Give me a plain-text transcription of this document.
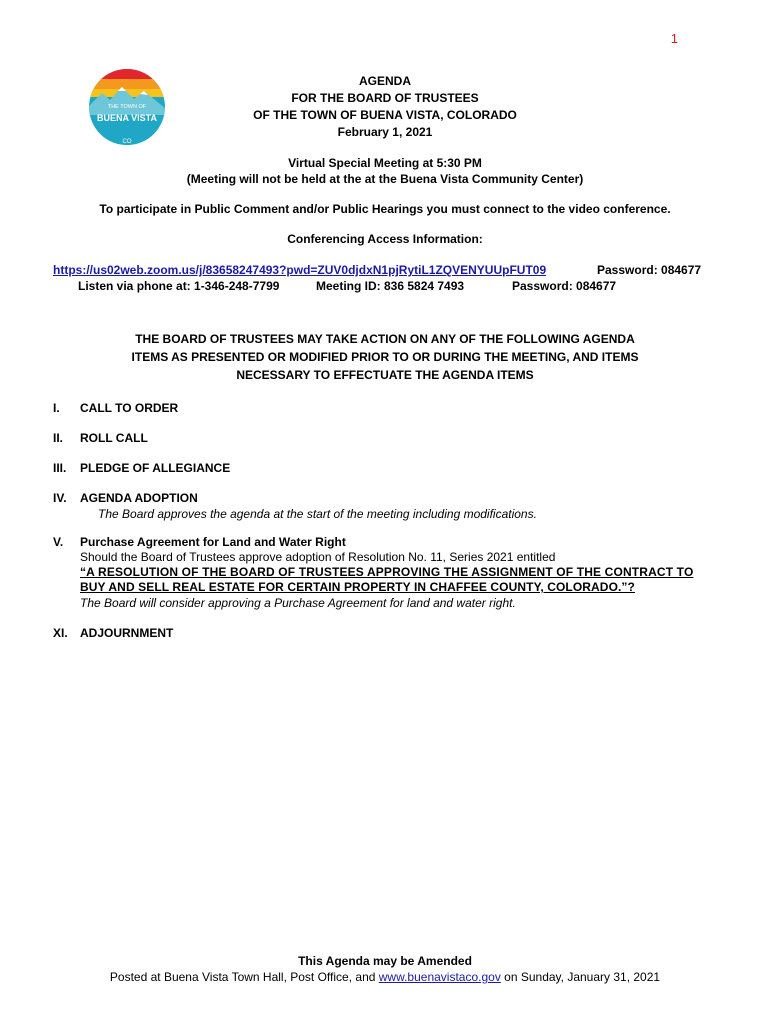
1
THE TOWN OF
BUENA VISTA
CO
AGENDA
FOR THE BOARD OF TRUSTEES
OF THE TOWN OF BUENA VISTA, COLORADO
February 1, 2021
Virtual Special Meeting at 5:30 PM
(Meeting will not be held at the at the Buena Vista Community Center)
To participate in Public Comment and/or Public Hearings you must connect to the video conference.
Conferencing Access Information:
https://us02web.zoom.us/j/83658247493?pwd=ZUV0djdxN1pjRytiL1ZQVENYUUpFUT09	Password: 084677
Listen via phone at: 1-346-248-7799	Meeting ID: 836 5824 7493	Password: 084677
THE BOARD OF TRUSTEES MAY TAKE ACTION ON ANY OF THE FOLLOWING AGENDA
ITEMS AS PRESENTED OR MODIFIED PRIOR TO OR DURING THE MEETING, AND ITEMS
NECESSARY TO EFFECTUATE THE AGENDA ITEMS
I. CALL TO ORDER
II. ROLL CALL
III. PLEDGE OF ALLEGIANCE
IV. AGENDA ADOPTION
The Board approves the agenda at the start of the meeting including modifications.
V. Purchase Agreement for Land and Water Right
Should the Board of Trustees approve adoption of Resolution No. 11, Series 2021 entitled
“A RESOLUTION OF THE BOARD OF TRUSTEES APPROVING THE ASSIGNMENT OF THE CONTRACT TO
BUY AND SELL REAL ESTATE FOR CERTAIN PROPERTY IN CHAFFEE COUNTY, COLORADO.”?
The Board will consider approving a Purchase Agreement for land and water right.
XI. ADJOURNMENT
This Agenda may be Amended
Posted at Buena Vista Town Hall, Post Office, and www.buenavistaco.gov on Sunday, January 31, 2021
